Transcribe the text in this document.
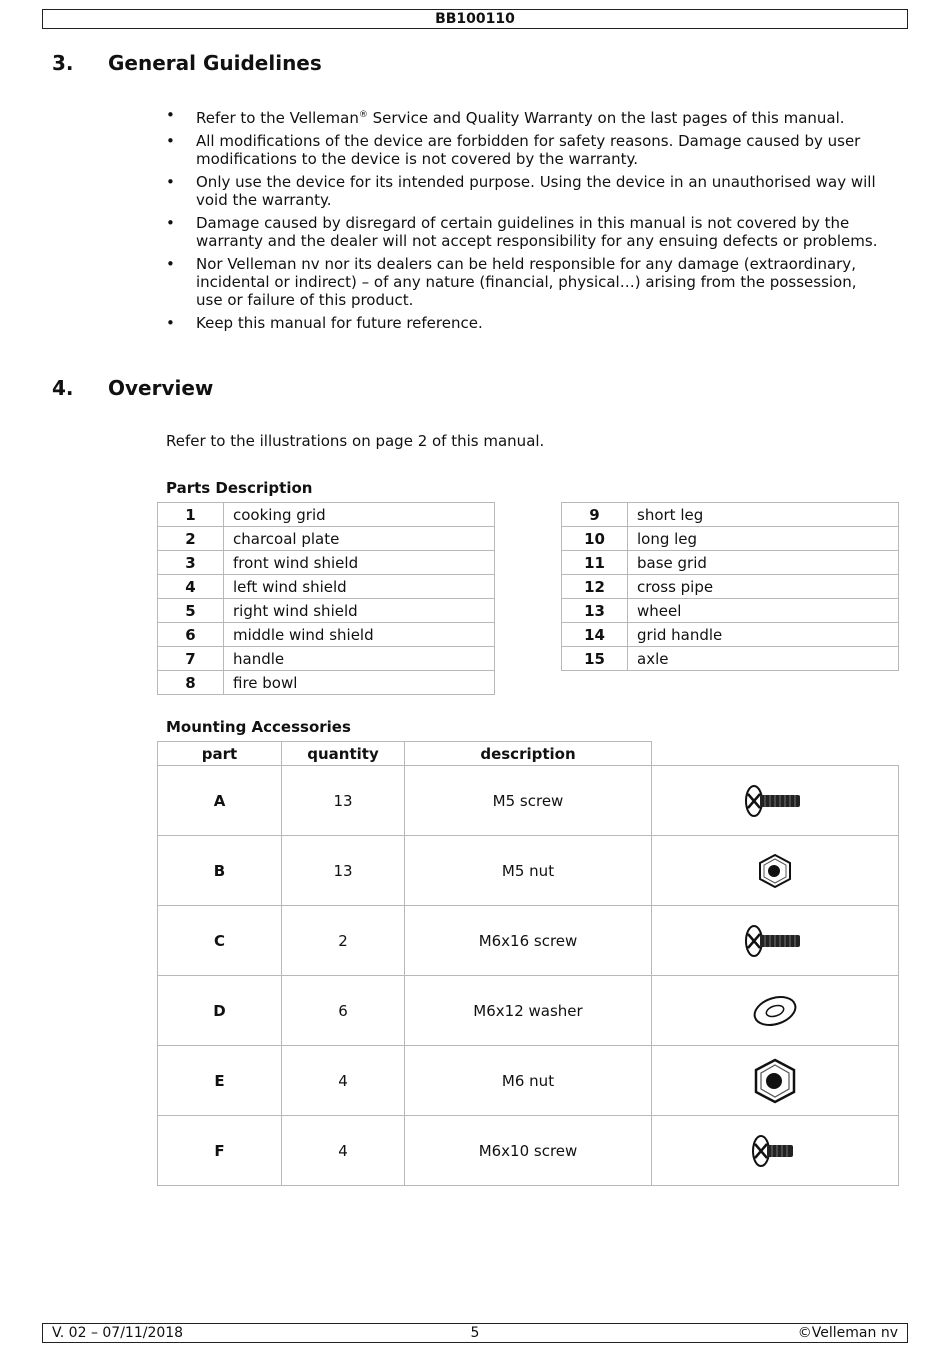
BB100110
3. General Guidelines
• Refer to the Velleman® Service and Quality Warranty on the last pages of this manual.
• All modifications of the device are forbidden for safety reasons. Damage caused by user modifications to the device is not covered by the warranty.
• Only use the device for its intended purpose. Using the device in an unauthorised way will void the warranty.
• Damage caused by disregard of certain guidelines in this manual is not covered by the warranty and the dealer will not accept responsibility for any ensuing defects or problems.
• Nor Velleman nv nor its dealers can be held responsible for any damage (extraordinary, incidental or indirect) – of any nature (financial, physical…) arising from the possession, use or failure of this product.
• Keep this manual for future reference.
4. Overview
Refer to the illustrations on page 2 of this manual.
Parts Description
1	cooking grid
2	charcoal plate
3	front wind shield
4	left wind shield
5	right wind shield
6	middle wind shield
7	handle
8	fire bowl
9	short leg
10	long leg
11	base grid
12	cross pipe
13	wheel
14	grid handle
15	axle
Mounting Accessories
part	quantity	description	
A	13	M5 screw	

B	13	M5 nut	

C	2	M6x16 screw	

D	6	M6x12 washer	

E	4	M6 nut	

F	4	M6x10 screw	
V. 02 – 07/11/2018	5	©Velleman nv
